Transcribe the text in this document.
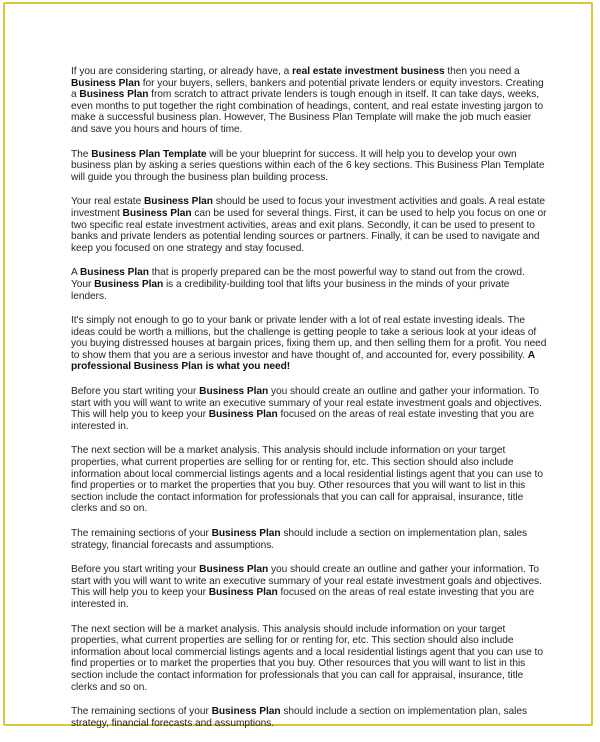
If you are considering starting, or already have, a real estate investment business then you need a Business Plan for your buyers, sellers, bankers and potential private lenders or equity investors. Creating a Business Plan from scratch to attract private lenders is tough enough in itself. It can take days, weeks, even months to put together the right combination of headings, content, and real estate investing jargon to make a successful business plan. However, The Business Plan Template will make the job much easier and save you hours and hours of time.

The Business Plan Template will be your blueprint for success. It will help you to develop your own business plan by asking a series questions within each of the 6 key sections. This Business Plan Template will guide you through the business plan building process.

Your real estate Business Plan should be used to focus your investment activities and goals. A real estate investment Business Plan can be used for several things. First, it can be used to help you focus on one or two specific real estate investment activities, areas and exit plans. Secondly, it can be used to present to banks and private lenders as potential lending sources or partners. Finally, it can be used to navigate and keep you focused on one strategy and stay focused.

A Business Plan that is properly prepared can be the most powerful way to stand out from the crowd. Your Business Plan is a credibility-building tool that lifts your business in the minds of your private lenders.

It's simply not enough to go to your bank or private lender with a lot of real estate investing ideals. The ideas could be worth a millions, but the challenge is getting people to take a serious look at your ideas of you buying distressed houses at bargain prices, fixing them up, and then selling them for a profit. You need to show them that you are a serious investor and have thought of, and accounted for, every possibility. A professional Business Plan is what you need!

Before you start writing your Business Plan you should create an outline and gather your information. To start with you will want to write an executive summary of your real estate investment goals and objectives. This will help you to keep your Business Plan focused on the areas of real estate investing that you are interested in.

The next section will be a market analysis. This analysis should include information on your target properties, what current properties are selling for or renting for, etc. This section should also include information about local commercial listings agents and a local residential listings agent that you can use to find properties or to market the properties that you buy. Other resources that you will want to list in this section include the contact information for professionals that you can call for appraisal, insurance, title clerks and so on.

The remaining sections of your Business Plan should include a section on implementation plan, sales strategy, financial forecasts and assumptions.

Before you start writing your Business Plan you should create an outline and gather your information. To start with you will want to write an executive summary of your real estate investment goals and objectives. This will help you to keep your Business Plan focused on the areas of real estate investing that you are interested in.

The next section will be a market analysis. This analysis should include information on your target properties, what current properties are selling for or renting for, etc. This section should also include information about local commercial listings agents and a local residential listings agent that you can use to find properties or to market the properties that you buy. Other resources that you will want to list in this section include the contact information for professionals that you can call for appraisal, insurance, title clerks and so on.

The remaining sections of your Business Plan should include a section on implementation plan, sales strategy, financial forecasts and assumptions.
